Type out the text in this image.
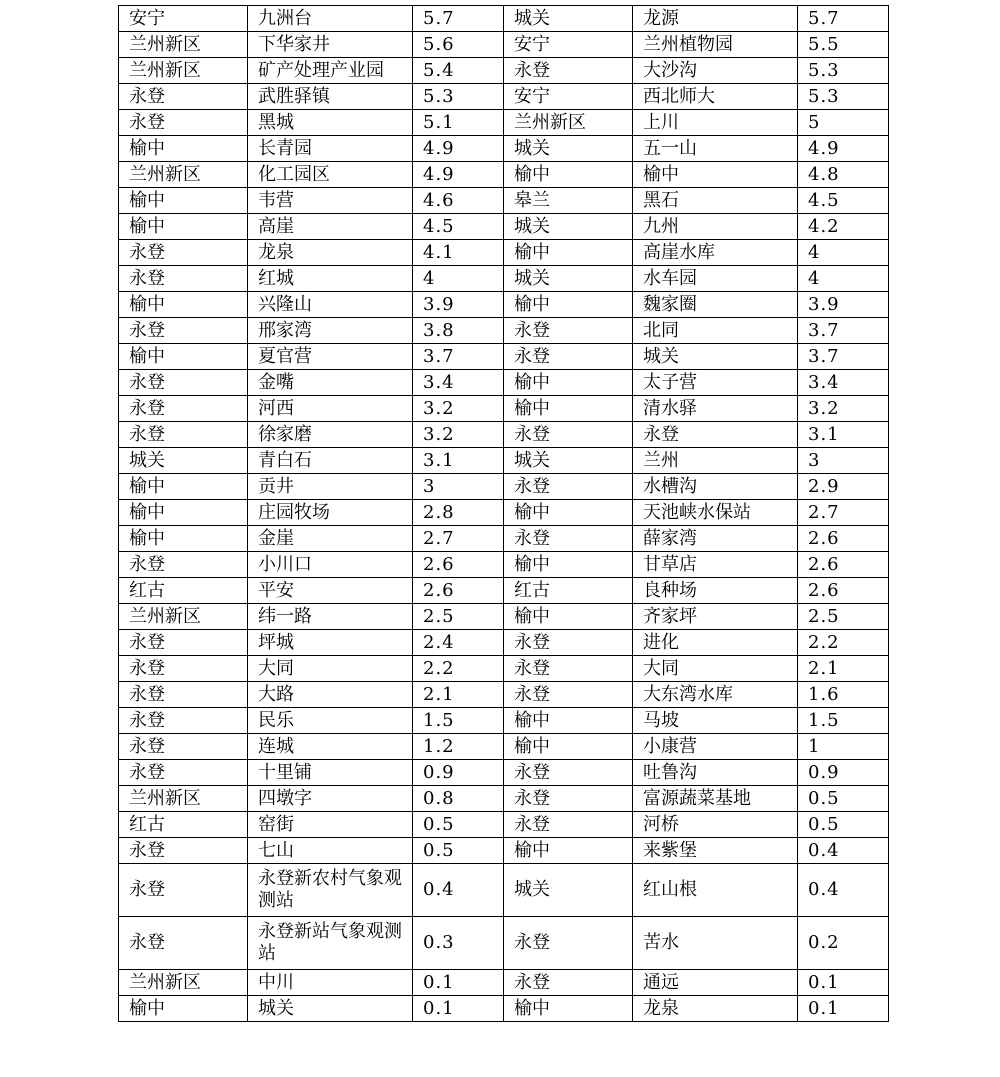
安宁	九洲台	5.7	城关	龙源	5.7
兰州新区	下华家井	5.6	安宁	兰州植物园	5.5
兰州新区	矿产处理产业园	5.4	永登	大沙沟	5.3
永登	武胜驿镇	5.3	安宁	西北师大	5.3
永登	黑城	5.1	兰州新区	上川	5
榆中	长青园	4.9	城关	五一山	4.9
兰州新区	化工园区	4.9	榆中	榆中	4.8
榆中	韦营	4.6	皋兰	黑石	4.5
榆中	高崖	4.5	城关	九州	4.2
永登	龙泉	4.1	榆中	高崖水库	4
永登	红城	4	城关	水车园	4
榆中	兴隆山	3.9	榆中	魏家圈	3.9
永登	邢家湾	3.8	永登	北同	3.7
榆中	夏官营	3.7	永登	城关	3.7
永登	金嘴	3.4	榆中	太子营	3.4
永登	河西	3.2	榆中	清水驿	3.2
永登	徐家磨	3.2	永登	永登	3.1
城关	青白石	3.1	城关	兰州	3
榆中	贡井	3	永登	水槽沟	2.9
榆中	庄园牧场	2.8	榆中	天池峡水保站	2.7
榆中	金崖	2.7	永登	薛家湾	2.6
永登	小川口	2.6	榆中	甘草店	2.6
红古	平安	2.6	红古	良种场	2.6
兰州新区	纬一路	2.5	榆中	齐家坪	2.5
永登	坪城	2.4	永登	进化	2.2
永登	大同	2.2	永登	大同	2.1
永登	大路	2.1	永登	大东湾水库	1.6
永登	民乐	1.5	榆中	马坡	1.5
永登	连城	1.2	榆中	小康营	1
永登	十里铺	0.9	永登	吐鲁沟	0.9
兰州新区	四墩字	0.8	永登	富源蔬菜基地	0.5
红古	窑街	0.5	永登	河桥	0.5
永登	七山	0.5	榆中	来紫堡	0.4
永登	永登新农村气象观测站	0.4	城关	红山根	0.4
永登	永登新站气象观测站	0.3	永登	苦水	0.2
兰州新区	中川	0.1	永登	通远	0.1
榆中	城关	0.1	榆中	龙泉	0.1
